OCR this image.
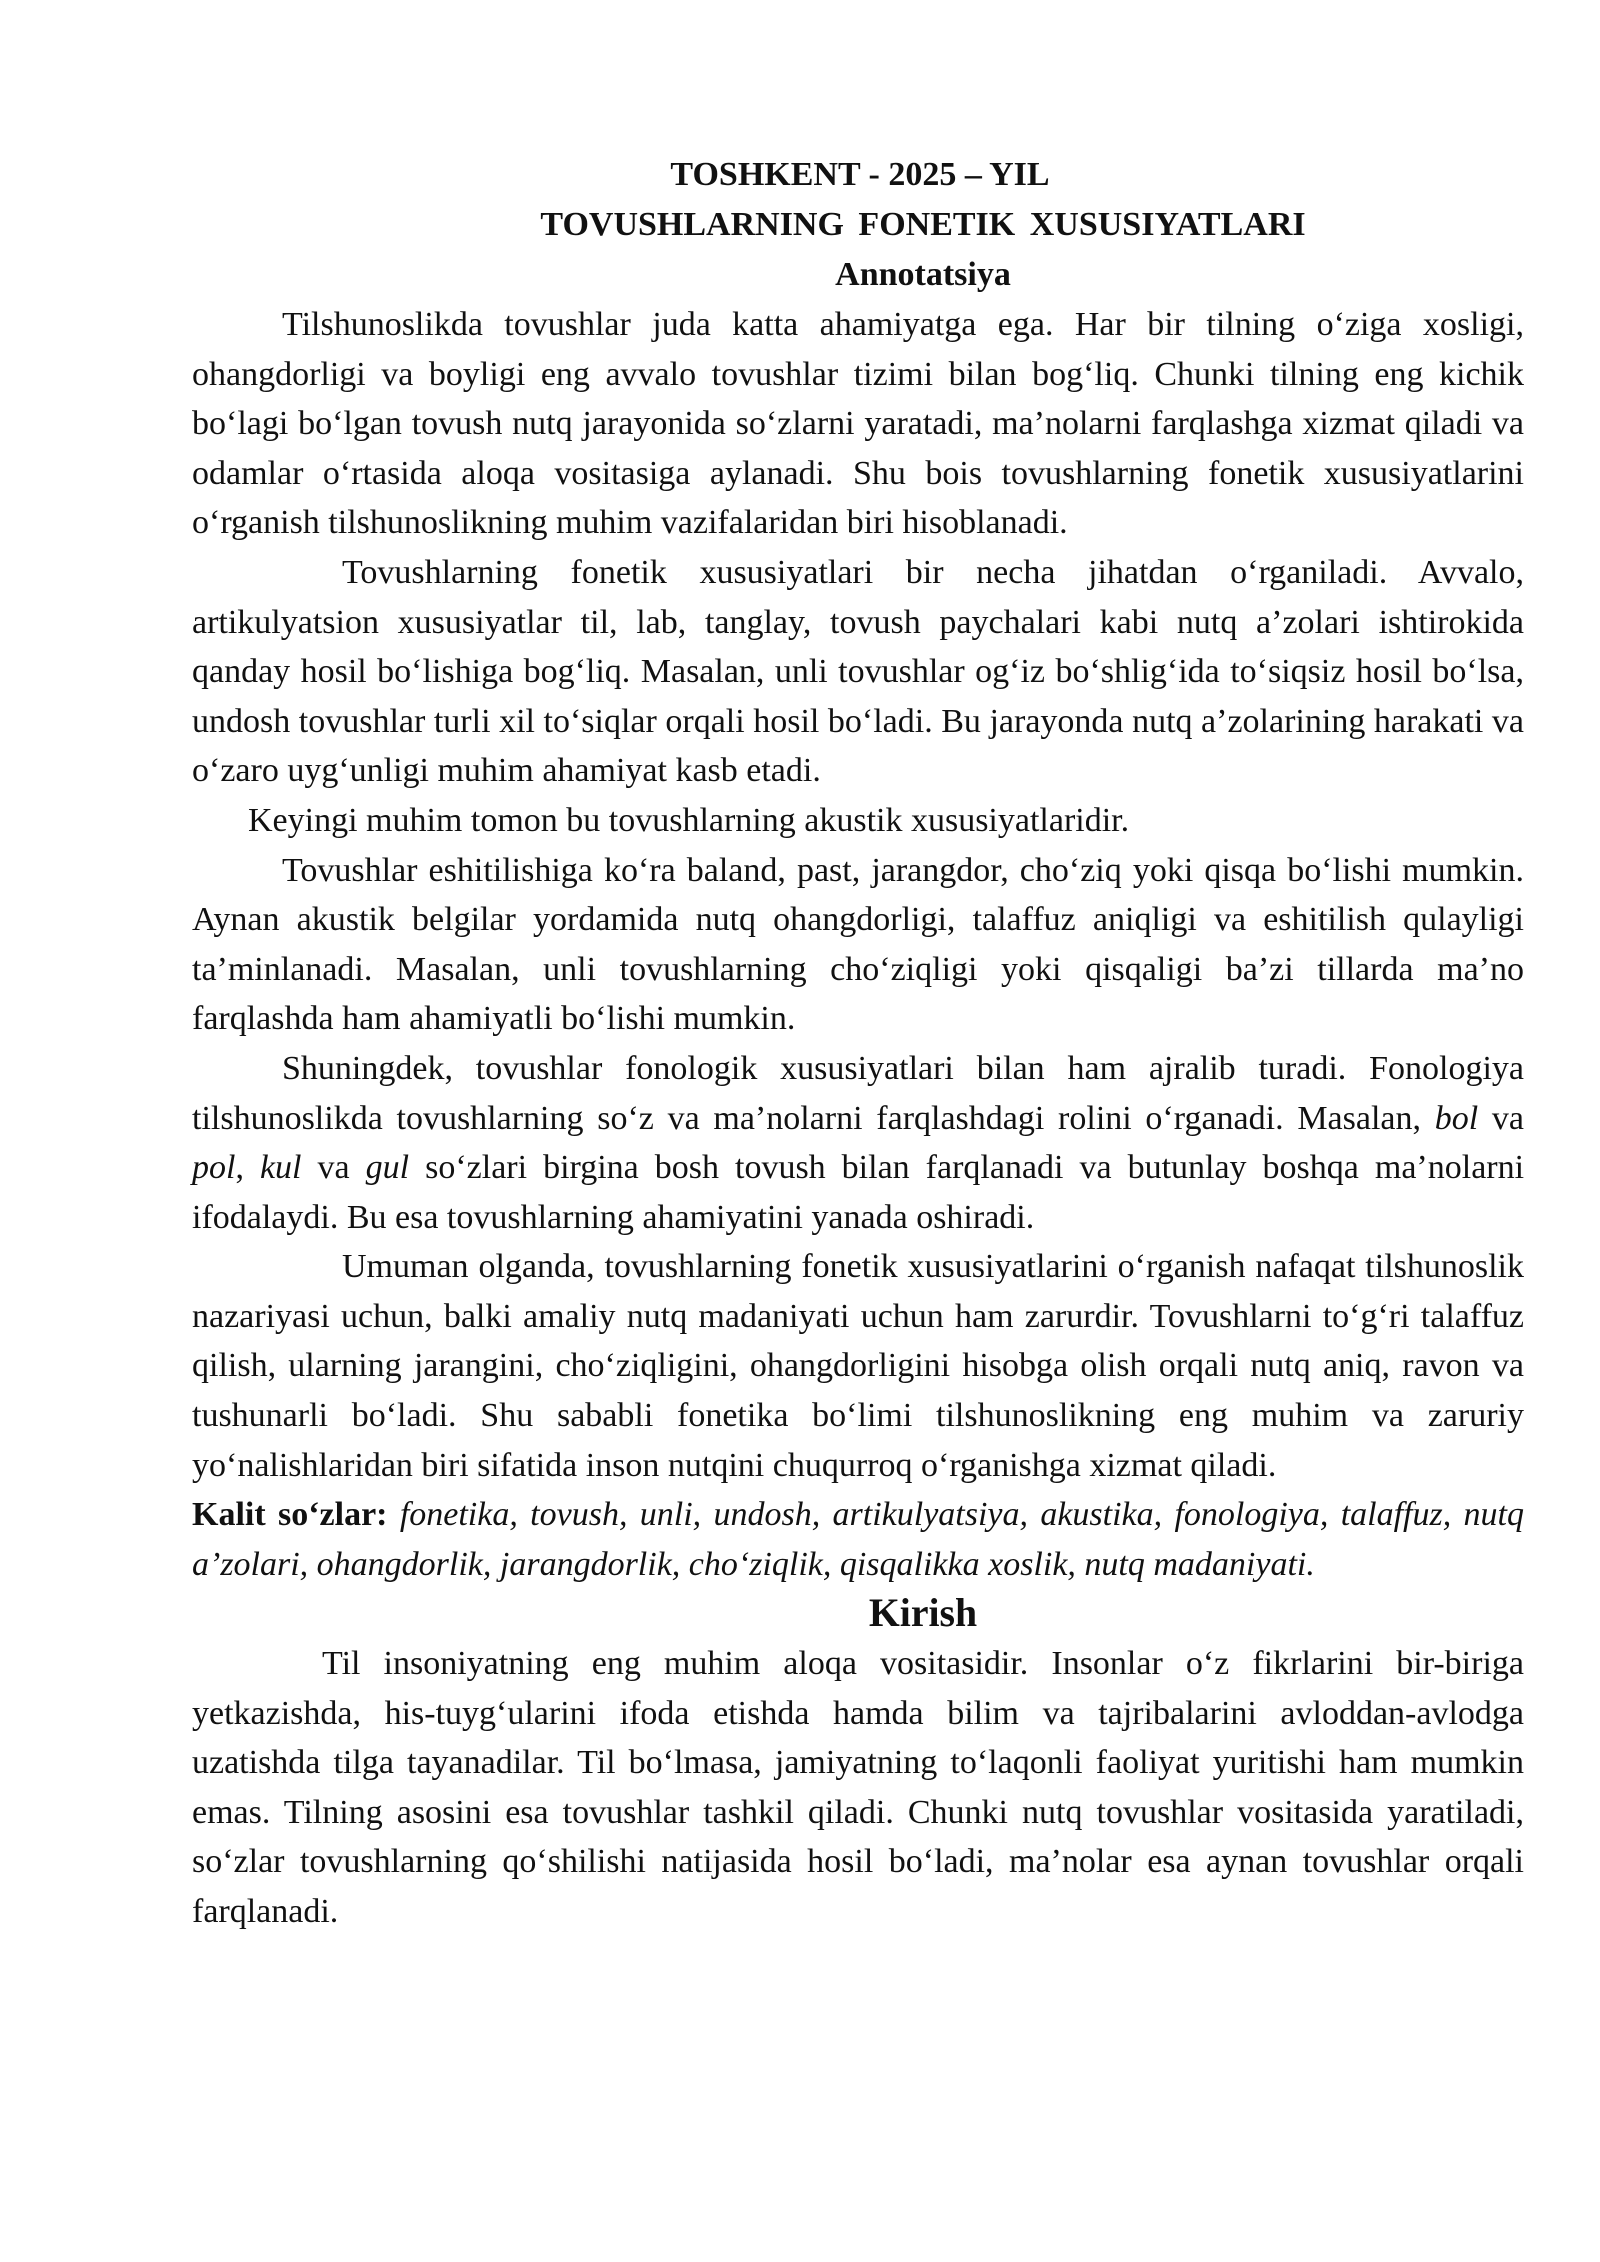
TOSHKENT - 2025 – YIL
TOVUSHLARNING FONETIK XUSUSIYATLARI
Annotatsiya

Tilshunoslikda tovushlar juda katta ahamiyatga ega. Har bir tilning o‘ziga xosligi, ohangdorligi va boyligi eng avvalo tovushlar tizimi bilan bog‘liq. Chunki tilning eng kichik bo‘lagi bo‘lgan tovush nutq jarayonida so‘zlarni yaratadi, ma’nolarni farqlashga xizmat qiladi va odamlar o‘rtasida aloqa vositasiga aylanadi. Shu bois tovushlarning fonetik xususiyatlarini o‘rganish tilshunoslikning muhim vazifalaridan biri hisoblanadi.

Tovushlarning fonetik xususiyatlari bir necha jihatdan o‘rganiladi. Avvalo, artikulyatsion xususiyatlar til, lab, tanglay, tovush paychalari kabi nutq a’zolari ishtirokida qanday hosil bo‘lishiga bog‘liq. Masalan, unli tovushlar og‘iz bo‘shlig‘ida to‘siqsiz hosil bo‘lsa, undosh tovushlar turli xil to‘siqlar orqali hosil bo‘ladi. Bu jarayonda nutq a’zolarining harakati va o‘zaro uyg‘unligi muhim ahamiyat kasb etadi.

Keyingi muhim tomon bu tovushlarning akustik xususiyatlaridir.

Tovushlar eshitilishiga ko‘ra baland, past, jarangdor, cho‘ziq yoki qisqa bo‘lishi mumkin. Aynan akustik belgilar yordamida nutq ohangdorligi, talaffuz aniqligi va eshitilish qulayligi ta’minlanadi. Masalan, unli tovushlarning cho‘ziqligi yoki qisqaligi ba’zi tillarda ma’no farqlashda ham ahamiyatli bo‘lishi mumkin.

Shuningdek, tovushlar fonologik xususiyatlari bilan ham ajralib turadi. Fonologiya tilshunoslikda tovushlarning so‘z va ma’nolarni farqlashdagi rolini o‘rganadi. Masalan, bol va pol, kul va gul so‘zlari birgina bosh tovush bilan farqlanadi va butunlay boshqa ma’nolarni ifodalaydi. Bu esa tovushlarning ahamiyatini yanada oshiradi.

Umuman olganda, tovushlarning fonetik xususiyatlarini o‘rganish nafaqat tilshunoslik nazariyasi uchun, balki amaliy nutq madaniyati uchun ham zarurdir. Tovushlarni to‘g‘ri talaffuz qilish, ularning jarangini, cho‘ziqligini, ohangdorligini hisobga olish orqali nutq aniq, ravon va tushunarli bo‘ladi. Shu sababli fonetika bo‘limi tilshunoslikning eng muhim va zaruriy yo‘nalishlaridan biri sifatida inson nutqini chuqurroq o‘rganishga xizmat qiladi.

Kalit so‘zlar: fonetika, tovush, unli, undosh, artikulyatsiya, akustika, fonologiya, talaffuz, nutq a’zolari, ohangdorlik, jarangdorlik, cho‘ziqlik, qisqalikka xoslik, nutq madaniyati.

Kirish

Til insoniyatning eng muhim aloqa vositasidir. Insonlar o‘z fikrlarini bir-biriga yetkazishda, his-tuyg‘ularini ifoda etishda hamda bilim va tajribalarini avloddan-avlodga uzatishda tilga tayanadilar. Til bo‘lmasa, jamiyatning to‘laqonli faoliyat yuritishi ham mumkin emas. Tilning asosini esa tovushlar tashkil qiladi. Chunki nutq tovushlar vositasida yaratiladi, so‘zlar tovushlarning qo‘shilishi natijasida hosil bo‘ladi, ma’nolar esa aynan tovushlar orqali farqlanadi.
